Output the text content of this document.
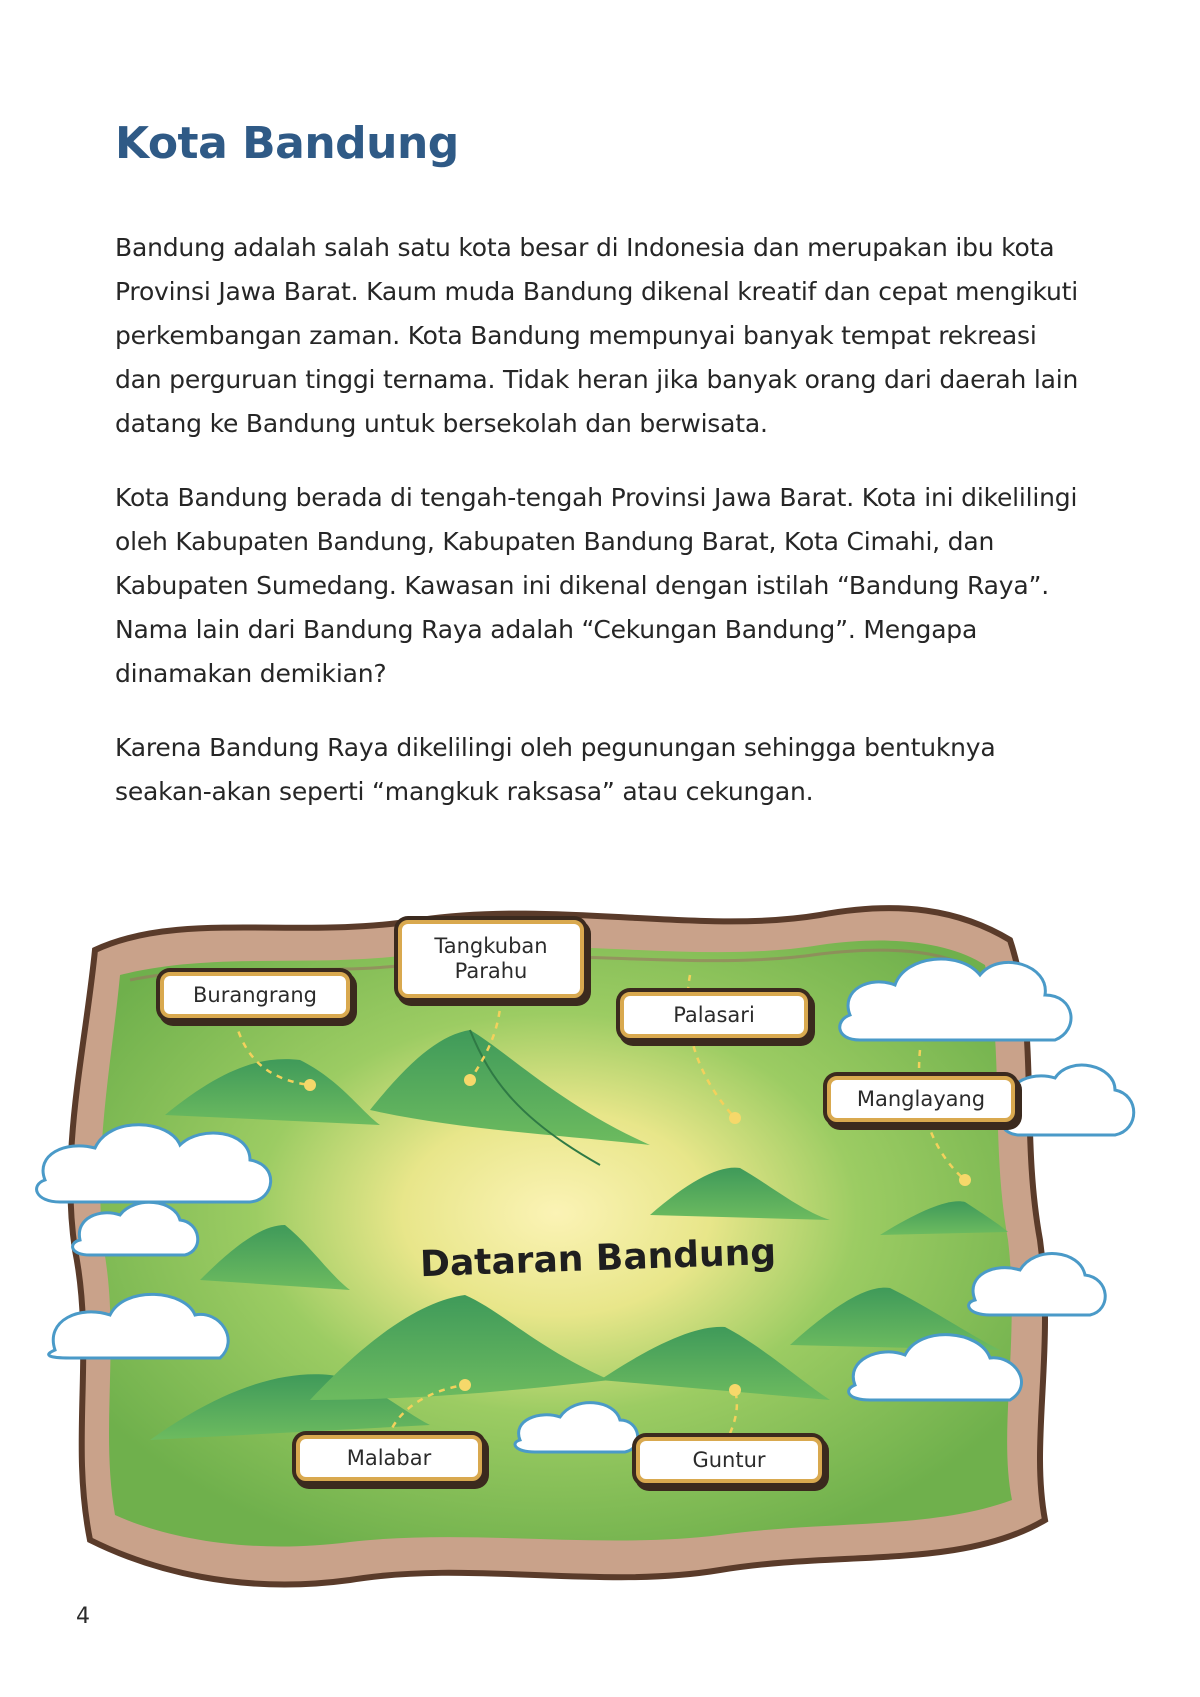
Kota Bandung

Bandung adalah salah satu kota besar di Indonesia dan merupakan ibu kota Provinsi Jawa Barat. Kaum muda Bandung dikenal kreatif dan cepat mengikuti perkembangan zaman. Kota Bandung mempunyai banyak tempat rekreasi dan perguruan tinggi ternama. Tidak heran jika banyak orang dari daerah lain datang ke Bandung untuk bersekolah dan berwisata.

Kota Bandung berada di tengah-tengah Provinsi Jawa Barat. Kota ini dikelilingi oleh Kabupaten Bandung, Kabupaten Bandung Barat, Kota Cimahi, dan Kabupaten Sumedang. Kawasan ini dikenal dengan istilah “Bandung Raya”. Nama lain dari Bandung Raya adalah “Cekungan Bandung”. Mengapa dinamakan demikian?

Karena Bandung Raya dikelilingi oleh pegunungan sehingga bentuknya seakan-akan seperti “mangkuk raksasa” atau cekungan.

Burangrang
Tangkuban Parahu
Palasari
Manglayang
Malabar	Guntur
Dataran Bandung
4
